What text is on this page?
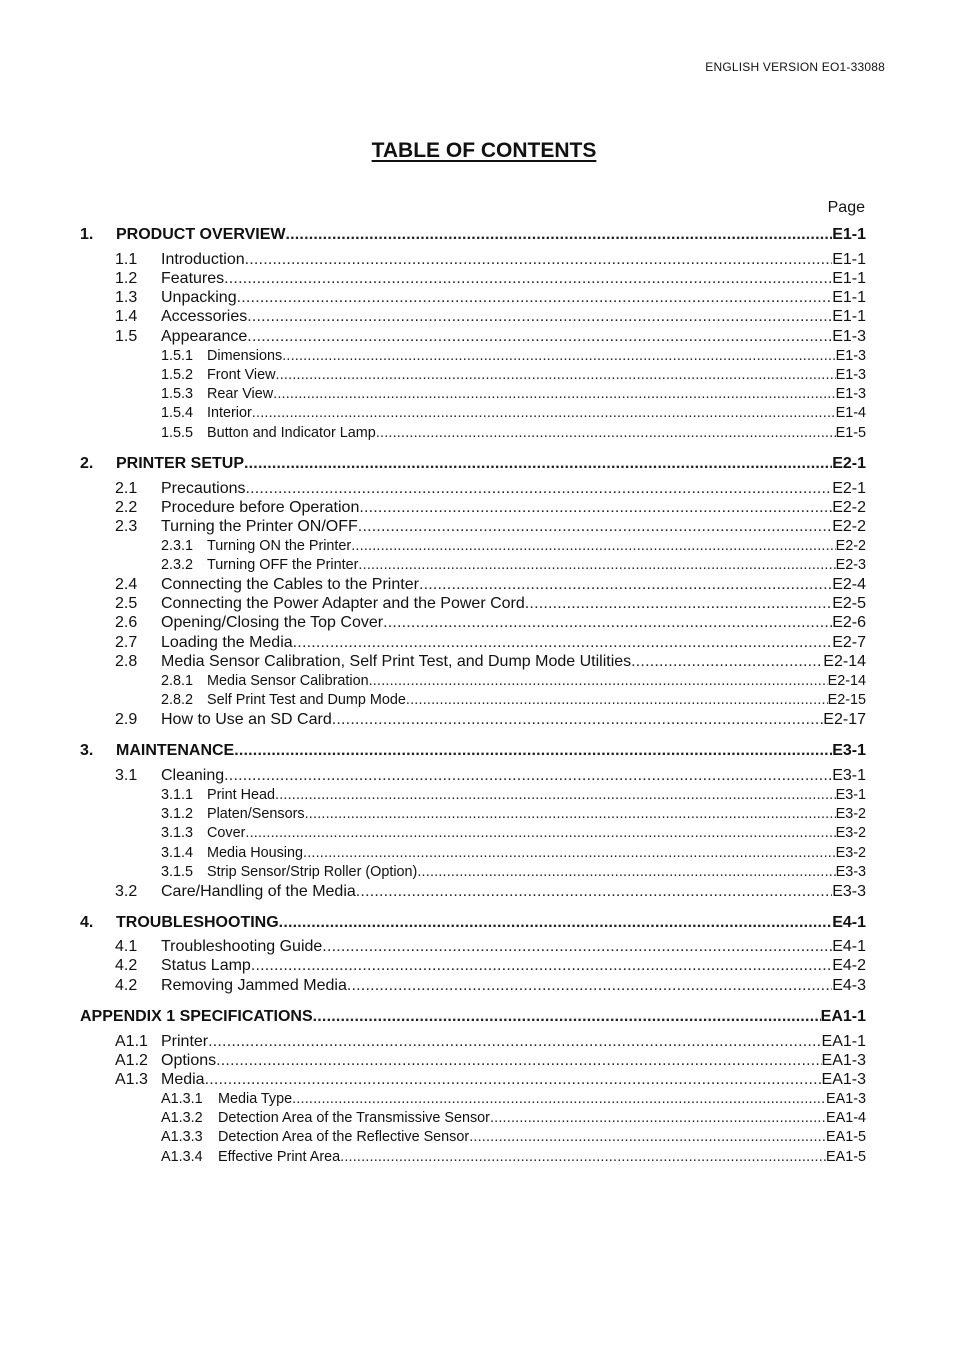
ENGLISH VERSION EO1-33088
TABLE OF CONTENTS
Page
1.	PRODUCT OVERVIEW .....	E1-1
1.1	Introduction .....	E1-1
1.2	Features .....	E1-1
1.3	Unpacking .....	E1-1
1.4	Accessories .....	E1-1
1.5	Appearance .....	E1-3
1.5.1 Dimensions .....	E1-3
1.5.2 Front View .....	E1-3
1.5.3 Rear View .....	E1-3
1.5.4 Interior .....	E1-4
1.5.5 Button and Indicator Lamp .....	E1-5
2.	PRINTER SETUP .....	E2-1
2.1	Precautions .....	E2-1
2.2	Procedure before Operation .....	E2-2
2.3	Turning the Printer ON/OFF .....	E2-2
2.3.1 Turning ON the Printer .....	E2-2
2.3.2 Turning OFF the Printer .....	E2-3
2.4	Connecting the Cables to the Printer .....	E2-4
2.5	Connecting the Power Adapter and the Power Cord .....	E2-5
2.6	Opening/Closing the Top Cover .....	E2-6
2.7	Loading the Media .....	E2-7
2.8	Media Sensor Calibration, Self Print Test, and Dump Mode Utilities .....	E2-14
2.8.1 Media Sensor Calibration .....	E2-14
2.8.2 Self Print Test and Dump Mode .....	E2-15
2.9	How to Use an SD Card .....	E2-17
3.	MAINTENANCE .....	E3-1
3.1	Cleaning .....	E3-1
3.1.1 Print Head .....	E3-1
3.1.2 Platen/Sensors .....	E3-2
3.1.3 Cover .....	E3-2
3.1.4 Media Housing .....	E3-2
3.1.5 Strip Sensor/Strip Roller (Option) .....	E3-3
3.2	Care/Handling of the Media .....	E3-3
4.	TROUBLESHOOTING .....	E4-1
4.1	Troubleshooting Guide .....	E4-1
4.2	Status Lamp .....	E4-2
4.2	Removing Jammed Media .....	E4-3
APPENDIX 1 SPECIFICATIONS .....	EA1-1
A1.1 Printer .....	EA1-1
A1.2 Options .....	EA1-3
A1.3 Media .....	EA1-3
A1.3.1	Media Type .....	EA1-3
A1.3.2	Detection Area of the Transmissive Sensor .....	EA1-4
A1.3.3	Detection Area of the Reflective Sensor .....	EA1-5
A1.3.4	Effective Print Area .....	EA1-5
